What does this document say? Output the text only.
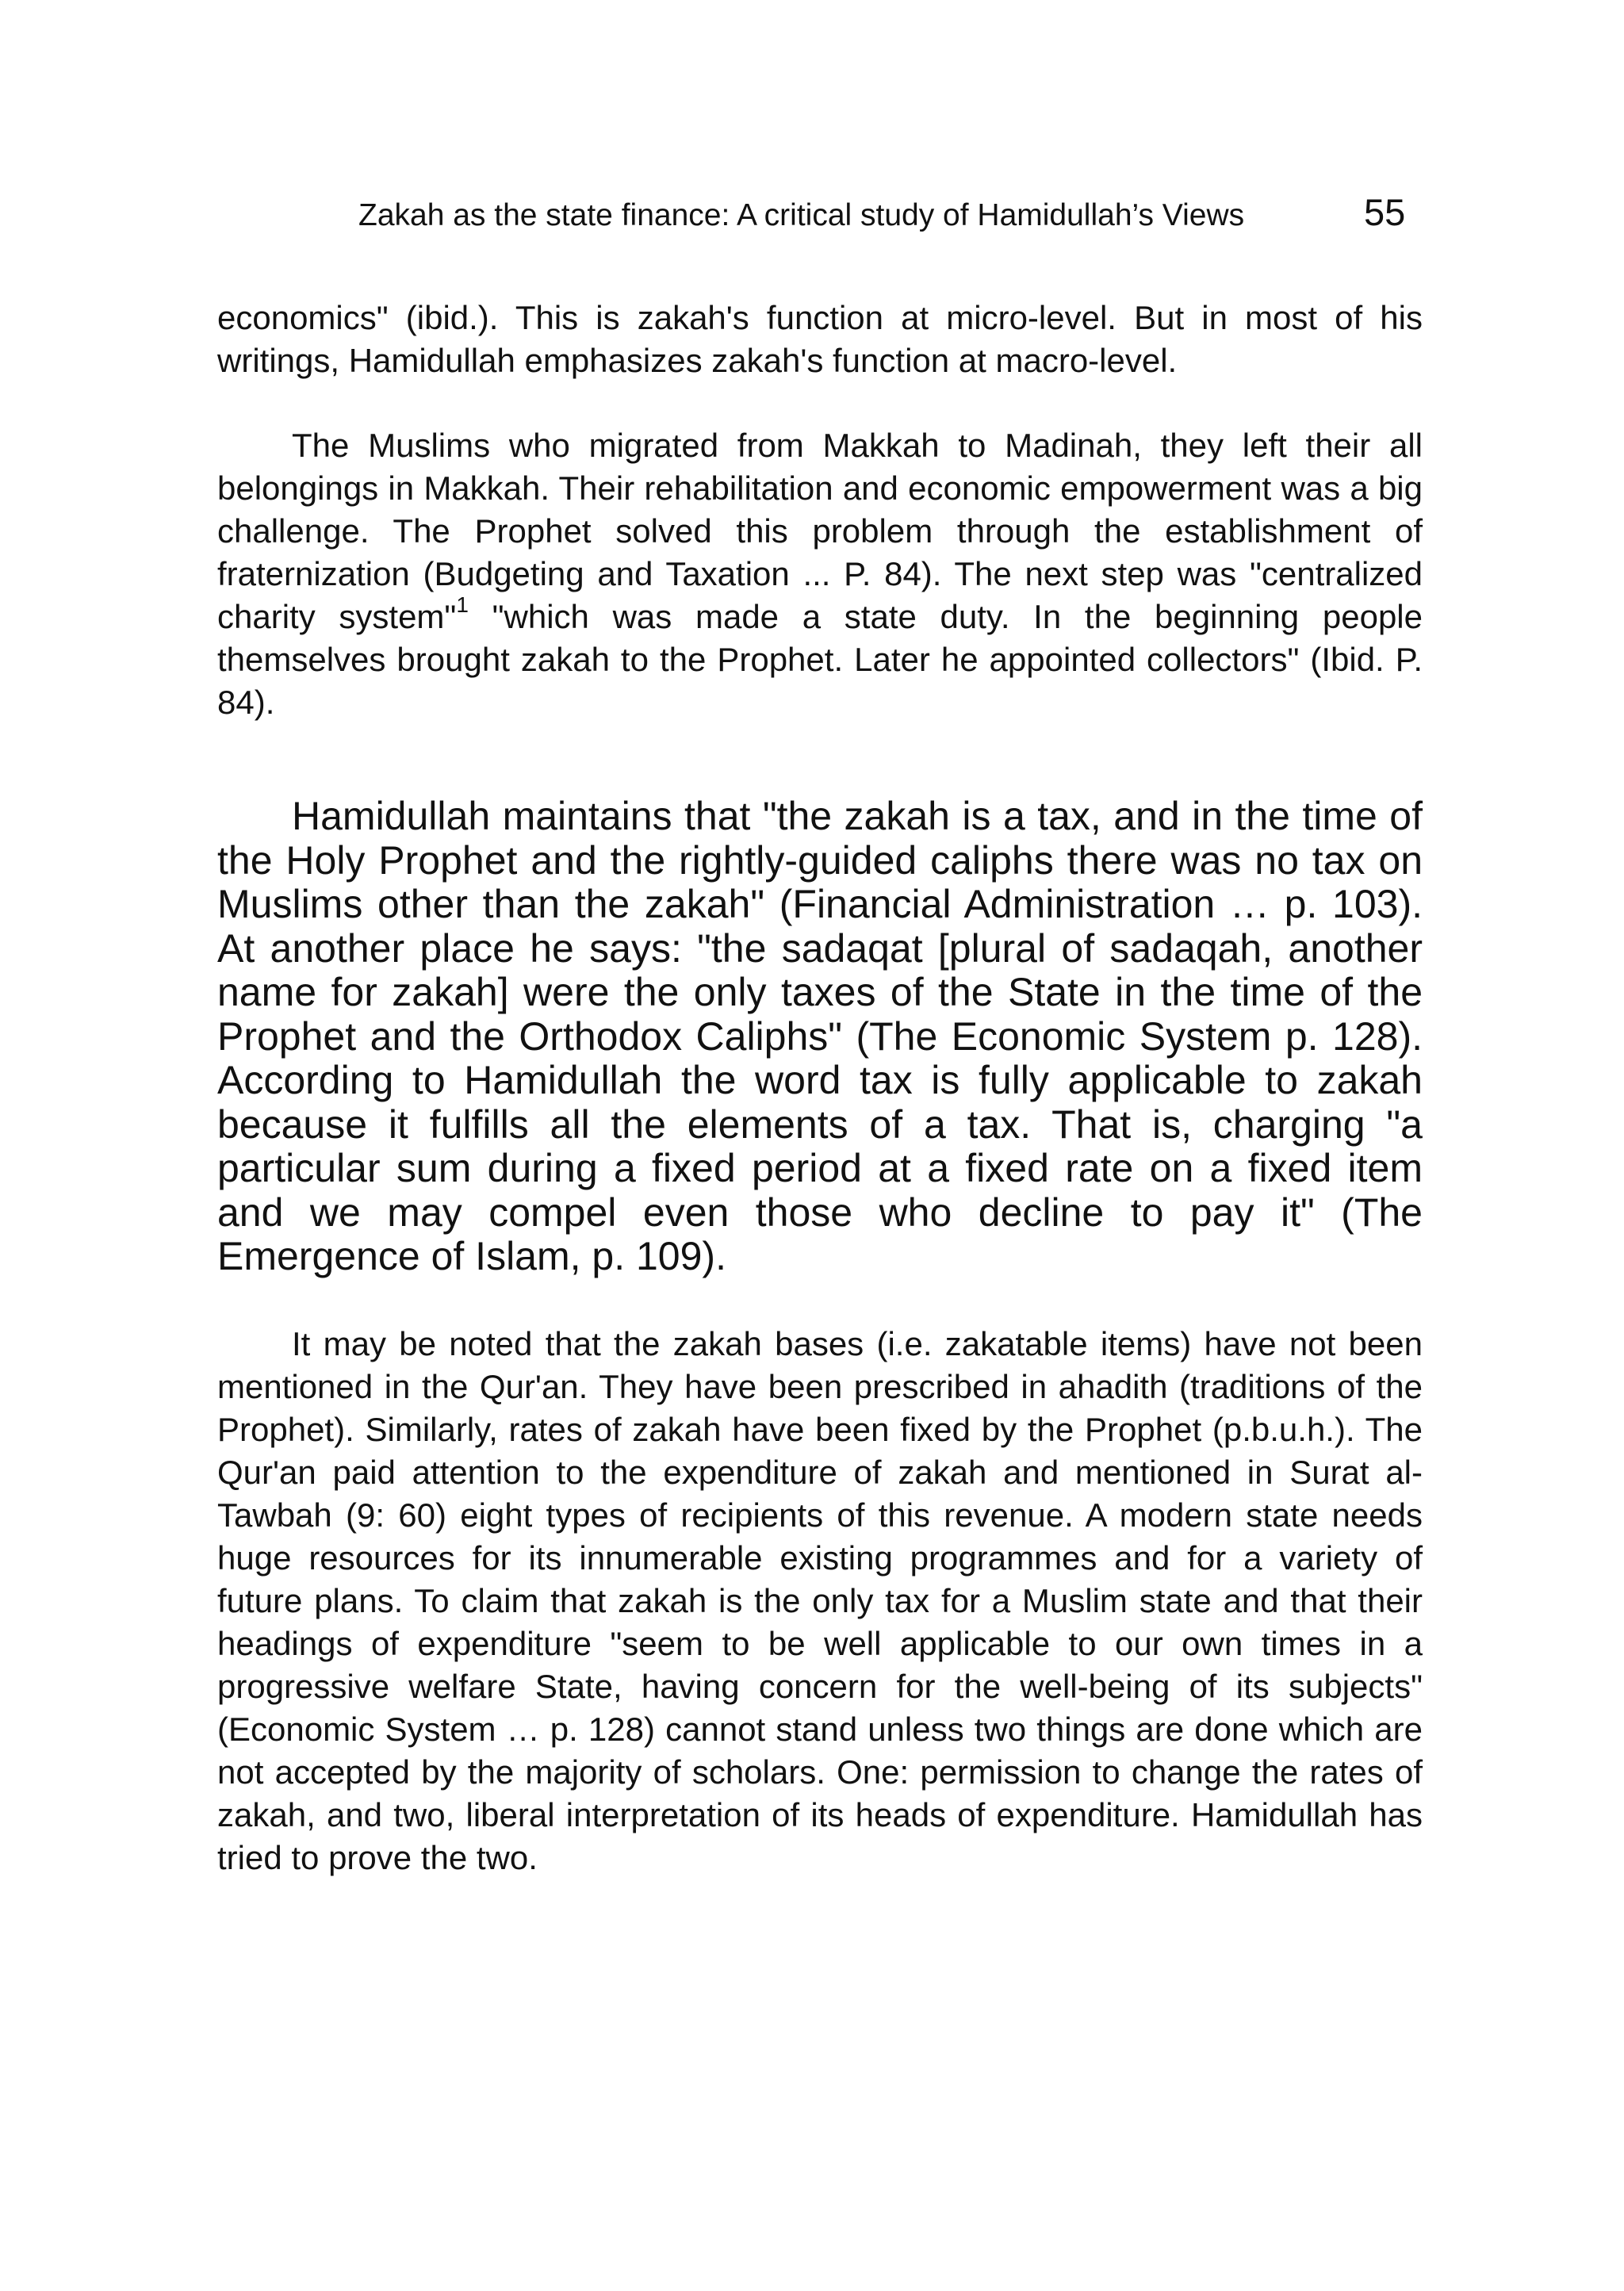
Zakah as the state finance: A critical study of Hamidullah’s Views	55

economics" (ibid.). This is zakah's function at micro-level. But in most of his writings, Hamidullah emphasizes zakah's function at macro-level.

The Muslims who migrated from Makkah to Madinah, they left their all belongings in Makkah. Their rehabilitation and economic empowerment was a big challenge. The Prophet solved this problem through the establishment of fraternization (Budgeting and Taxation ... P. 84). The next step was "centralized charity system"$^1$ "which was made a state duty. In the beginning people themselves brought zakah to the Prophet. Later he appointed collectors" (Ibid. P. 84).

Hamidullah maintains that "the zakah is a tax, and in the time of the Holy Prophet and the rightly-guided caliphs there was no tax on Muslims other than the zakah" (Financial Administration … p. 103). At another place he says: "the sadaqat [plural of sadaqah, another name for zakah] were the only taxes of the State in the time of the Prophet and the Orthodox Caliphs" (The Economic System p. 128). According to Hamidullah the word tax is fully applicable to zakah because it fulfills all the elements of a tax. That is, charging "a particular sum during a fixed period at a fixed rate on a fixed item and we may compel even those who decline to pay it" (The Emergence of Islam, p. 109).

It may be noted that the zakah bases (i.e. zakatable items) have not been mentioned in the Qur'an. They have been prescribed in ahadith (traditions of the Prophet). Similarly, rates of zakah have been fixed by the Prophet (p.b.u.h.). The Qur'an paid attention to the expenditure of zakah and mentioned in Surat al-Tawbah (9: 60) eight types of recipients of this revenue. A modern state needs huge resources for its innumerable existing programmes and for a variety of future plans. To claim that zakah is the only tax for a Muslim state and that their headings of expenditure "seem to be well applicable to our own times in a progressive welfare State, having concern for the well-being of its subjects" (Economic System … p. 128) cannot stand unless two things are done which are not accepted by the majority of scholars. One: permission to change the rates of zakah, and two, liberal interpretation of its heads of expenditure. Hamidullah has tried to prove the two.
